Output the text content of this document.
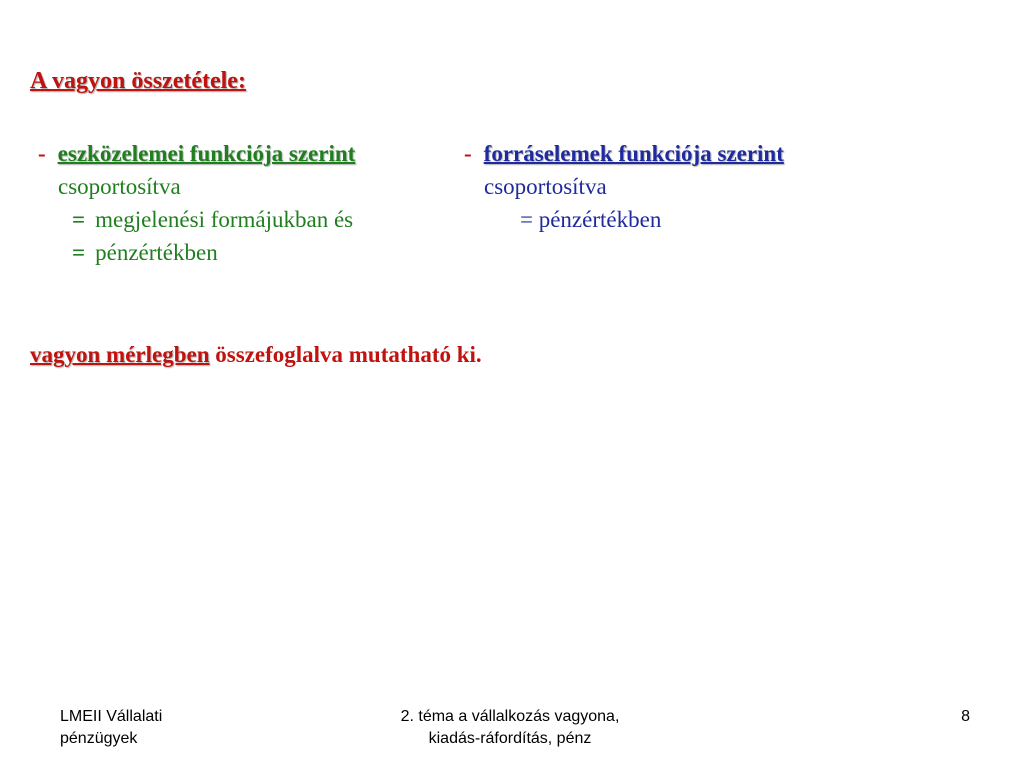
A vagyon összetétele:
- eszközelemei funkciója szerint
csoportosítva
= megjelenési formájukban és
= pénzértékben
- forráselemek funkciója szerint
csoportosítva
= pénzértékben
vagyon mérlegben összefoglalva mutatható ki.
LMEII Vállalati
pénzügyek
2. téma a vállalkozás vagyona,
kiadás-ráfordítás, pénz
8
